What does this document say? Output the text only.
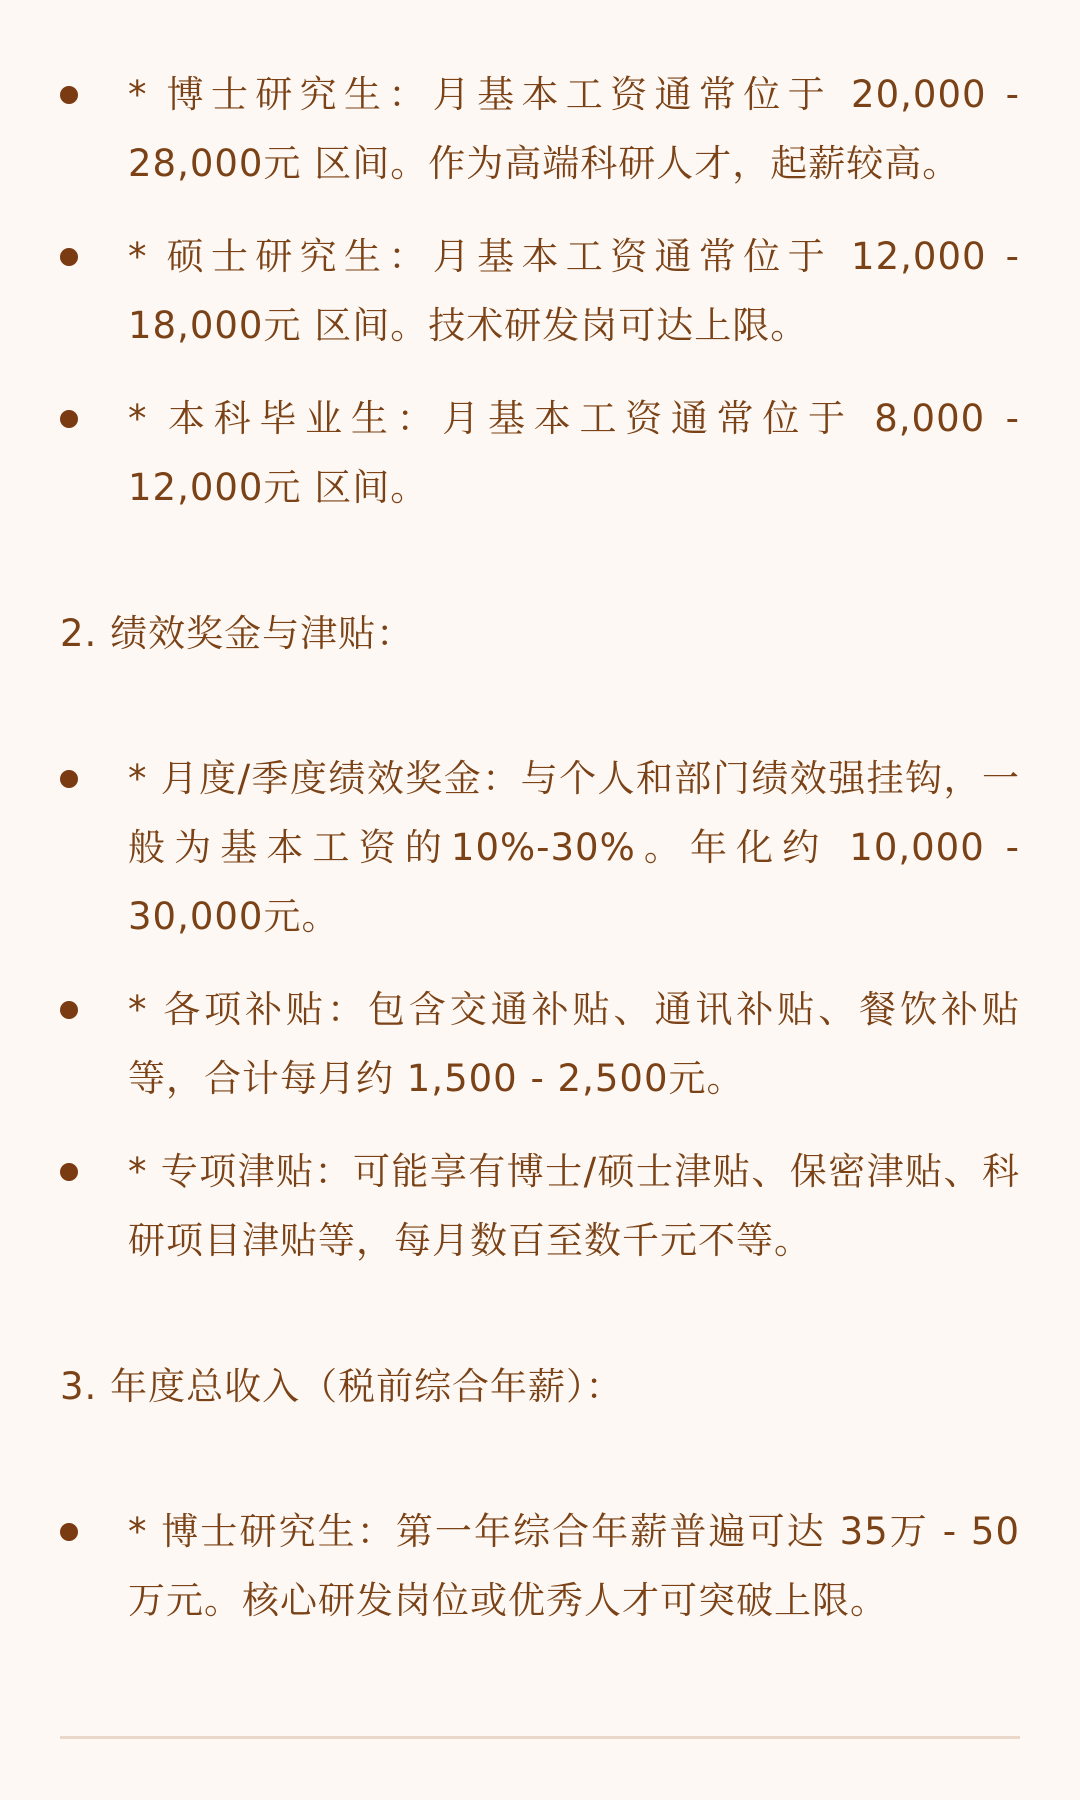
* 博士研究生：月基本工资通常位于 20,000 - 28,000元 区间。作为高端科研人才，起薪较高。
* 硕士研究生：月基本工资通常位于 12,000 - 18,000元 区间。技术研发岗可达上限。
* 本科毕业生：月基本工资通常位于 8,000 - 12,000元 区间。
2. 绩效奖金与津贴：
* 月度/季度绩效奖金：与个人和部门绩效强挂钩，一般为基本工资的10%-30%。年化约 10,000 - 30,000元。
* 各项补贴：包含交通补贴、通讯补贴、餐饮补贴等，合计每月约 1,500 - 2,500元。
* 专项津贴：可能享有博士/硕士津贴、保密津贴、科研项目津贴等，每月数百至数千元不等。
3. 年度总收入（税前综合年薪）：
* 博士研究生：第一年综合年薪普遍可达 35万 - 50万元。核心研发岗位或优秀人才可突破上限。
